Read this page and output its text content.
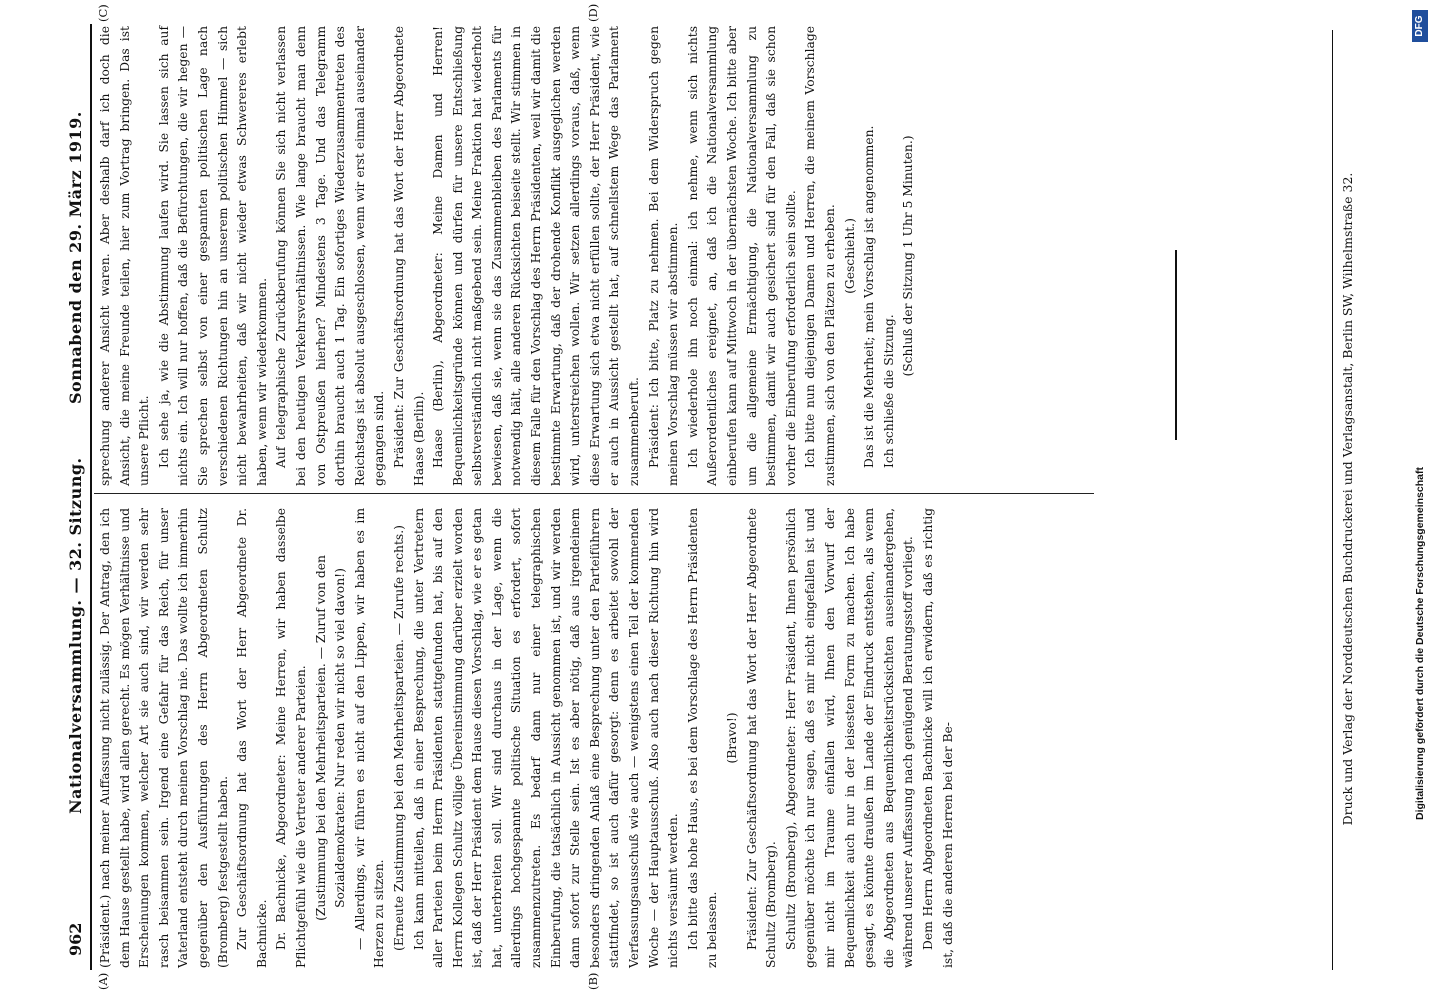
962
Nationalversammlung. — 32. Sitzung.
Sonnabend den 29. März 1919.
(A)	(B)
(C)	(D)

(Präsident.) nach meiner Auffassung nicht zulässig. Der Antrag, den ich dem Hause gestellt habe, wird allen gerecht. Es mögen Verhältnisse und Erscheinungen kommen, welcher Art sie auch sind, wir werden sehr rasch beisammen sein. Irgend eine Gefahr für das Reich, für unser Vaterland entsteht durch meinen Vorschlag nie. Das wollte ich immerhin gegenüber den Ausführungen des Herrn Abgeordneten Schultz (Bromberg) festgestellt haben. Zur Geschäftsordnung hat das Wort der Herr Abgeordnete Dr. Bachnicke. Dr. Bachnicke, Abgeordneter: Meine Herren, wir haben dasselbe Pflichtgefühl wie die Vertreter anderer Parteien. (Zustimmung bei den Mehrheitsparteien. — Zuruf von den Sozialdemokraten: Nur reden wir nicht so viel davon!) — Allerdings, wir führen es nicht auf den Lippen, wir haben es im Herzen zu sitzen. (Erneute Zustimmung bei den Mehrheitsparteien. — Zurufe rechts.) Ich kann mitteilen, daß in einer Besprechung, die unter Vertretern aller Parteien beim Herrn Präsidenten stattgefunden hat, bis auf den Herrn Kollegen Schultz völlige Übereinstimmung darüber erzielt worden ist, daß der Herr Präsident dem Hause diesen Vorschlag, wie er es getan hat, unterbreiten soll. Wir sind durchaus in der Lage, wenn die allerdings hochgespannte politische Situation es erfordert, sofort zusammenzutreten. Es bedarf dann nur einer telegraphischen Einberufung, die tatsächlich in Aussicht genommen ist, und wir werden dann sofort zur Stelle sein. Ist es aber nötig, daß aus irgendeinem besonders dringenden Anlaß eine Besprechung unter den Parteiführern stattfindet, so ist auch dafür gesorgt: denn es arbeitet sowohl der Verfassungsausschuß wie auch — wenigstens einen Teil der kommenden Woche — der Hauptausschuß. Also auch nach dieser Richtung hin wird nichts versäumt werden. Ich bitte das hohe Haus, es bei dem Vorschlage des Herrn Präsidenten zu belassen.

(Bravo!) Präsident: Zur Geschäftsordnung hat das Wort der Herr Abgeordnete Schultz (Bromberg). Schultz (Bromberg), Abgeordneter: Herr Präsident, Ihnen persönlich gegenüber möchte ich nur sagen, daß es mir nicht eingefallen ist und mir nicht im Traume einfallen wird, Ihnen den Vorwurf der Bequemlichkeit auch nur in der leisesten Form zu machen. Ich habe gesagt, es könnte draußen im Lande der Eindruck entstehen, als wenn die Abgeordneten aus Bequemlichkeitsrücksichten auseinandergehen, während unserer Auffassung nach genügend Beratungsstoff vorliegt. Dem Herrn Abgeordneten Bachnicke will ich erwidern, daß es richtig ist, daß die anderen Herren bei der Be-

sprechung anderer Ansicht waren. Aber deshalb darf ich doch die Ansicht, die meine Freunde teilen, hier zum Vortrag bringen. Das ist unsere Pflicht. Ich sehe ja, wie die Abstimmung laufen wird. Sie lassen sich auf nichts ein. Ich will nur hoffen, daß die Befürchtungen, die wir hegen — Sie sprechen selbst von einer gespannten politischen Lage nach verschiedenen Richtungen hin an unserem politischen Himmel — sich nicht bewahrheiten, daß wir nicht wieder etwas Schwereres erlebt haben, wenn wir wiederkommen. Auf telegraphische Zurückberufung können Sie sich nicht verlassen bei den heutigen Verkehrsverhältnissen. Wie lange braucht man denn von Ostpreußen hierher? Mindestens 3 Tage. Und das Telegramm dorthin braucht auch 1 Tag. Ein sofortiges Wiederzusammentreten des Reichstags ist absolut ausgeschlossen, wenn wir erst einmal auseinander gegangen sind. Präsident: Zur Geschäftsordnung hat das Wort der Herr Abgeordnete Haase (Berlin). Haase (Berlin), Abgeordneter: Meine Damen und Herren! Bequemlichkeitsgründe können und dürfen für unsere Entschließung selbstverständlich nicht maßgebend sein. Meine Fraktion hat wiederholt bewiesen, daß sie, wenn sie das Zusammenbleiben des Parlaments für notwendig hält, alle anderen Rücksichten beiseite stellt. Wir stimmen in diesem Falle für den Vorschlag des Herrn Präsidenten, weil wir damit die bestimmte Erwartung, daß der drohende Konflikt ausgeglichen werden wird, unterstreichen wollen. Wir setzen allerdings voraus, daß, wenn diese Erwartung sich etwa nicht erfüllen sollte, der Herr Präsident, wie er auch in Aussicht gestellt hat, auf schnellstem Wege das Parlament zusammenberuft. Präsident: Ich bitte, Platz zu nehmen. Bei dem Widerspruch gegen meinen Vorschlag müssen wir abstimmen. Ich wiederhole ihn noch einmal: ich nehme, wenn sich nichts Außerordentliches ereignet, an, daß ich die Nationalversammlung einberufen kann auf Mittwoch in der übernächsten Woche. Ich bitte aber um die allgemeine Ermächtigung, die Nationalversammlung zu bestimmen, damit wir auch gesichert sind für den Fall, daß sie schon vorher die Einberufung erforderlich sein sollte. Ich bitte nun diejenigen Damen und Herren, die meinem Vorschlage zustimmen, sich von den Plätzen zu erheben. (Geschieht.) Das ist die Mehrheit; mein Vorschlag ist angenommen. Ich schließe die Sitzung.

(Schluß der Sitzung 1 Uhr 5 Minuten.)	Druck und Verlag der Norddeutschen Buchdruckerei und Verlagsanstalt, Berlin SW, Wilhelmstraße 32.	Digitalisierung gefördert durch die Deutsche Forschungsgemeinschaft
DFG
